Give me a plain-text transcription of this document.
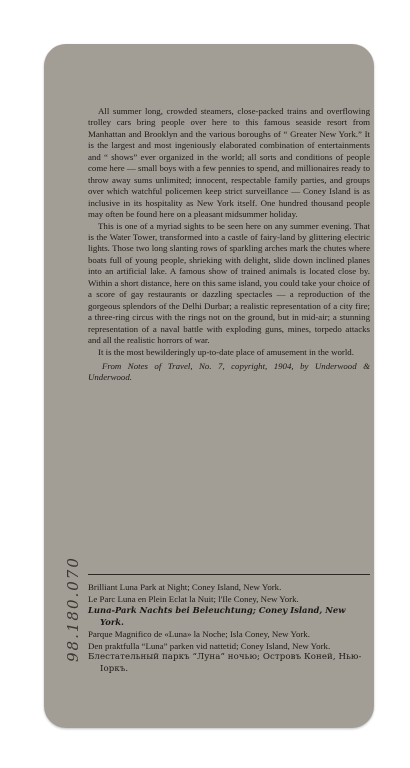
All summer long, crowded steamers, close-packed trains and overflowing trolley cars bring people over here to this famous seaside resort from Manhattan and Brooklyn and the various boroughs of “ Greater New York.” It is the largest and most ingeniously elaborated combination of entertainments and “ shows” ever organized in the world; all sorts and conditions of people come here — small boys with a few pennies to spend, and millionaires ready to throw away sums unlimited; innocent, respectable family parties, and groups over which watchful policemen keep strict surveillance — Coney Island is as inclusive in its hospitality as New York itself. One hundred thousand people may often be found here on a pleasant midsummer holiday.

This is one of a myriad sights to be seen here on any summer evening. That is the Water Tower, transformed into a castle of fairy-land by glittering electric lights. Those two long slanting rows of sparkling arches mark the chutes where boats full of young people, shrieking with delight, slide down inclined planes into an artificial lake. A famous show of trained animals is located close by. Within a short distance, here on this same island, you could take your choice of a score of gay restaurants or dazzling spectacles — a reproduction of the gorgeous splendors of the Delhi Durbar; a realistic representation of a city fire; a three-ring circus with the rings not on the ground, but in mid-air; a stunning representation of a naval battle with exploding guns, mines, torpedo attacks and all the realistic horrors of war.

It is the most bewilderingly up-to-date place of amusement in the world.

From Notes of Travel, No. 7, copyright, 1904, by Underwood & Underwood.

Brilliant Luna Park at Night; Coney Island, New York.

Le Parc Luna en Plein Eclat la Nuit; l'Ile Coney, New York.

Luna-Park Nachts bei Beleuchtung; Coney Island, New York.

Parque Magnifico de «Luna» la Noche; Isla Coney, New York.

Den praktfulla “Luna” parken vid nattetid; Coney Island, New York.

Блестательный паркъ “Луна” ночью; Островъ Коней, Нью-Іоркъ.

98.180.070
